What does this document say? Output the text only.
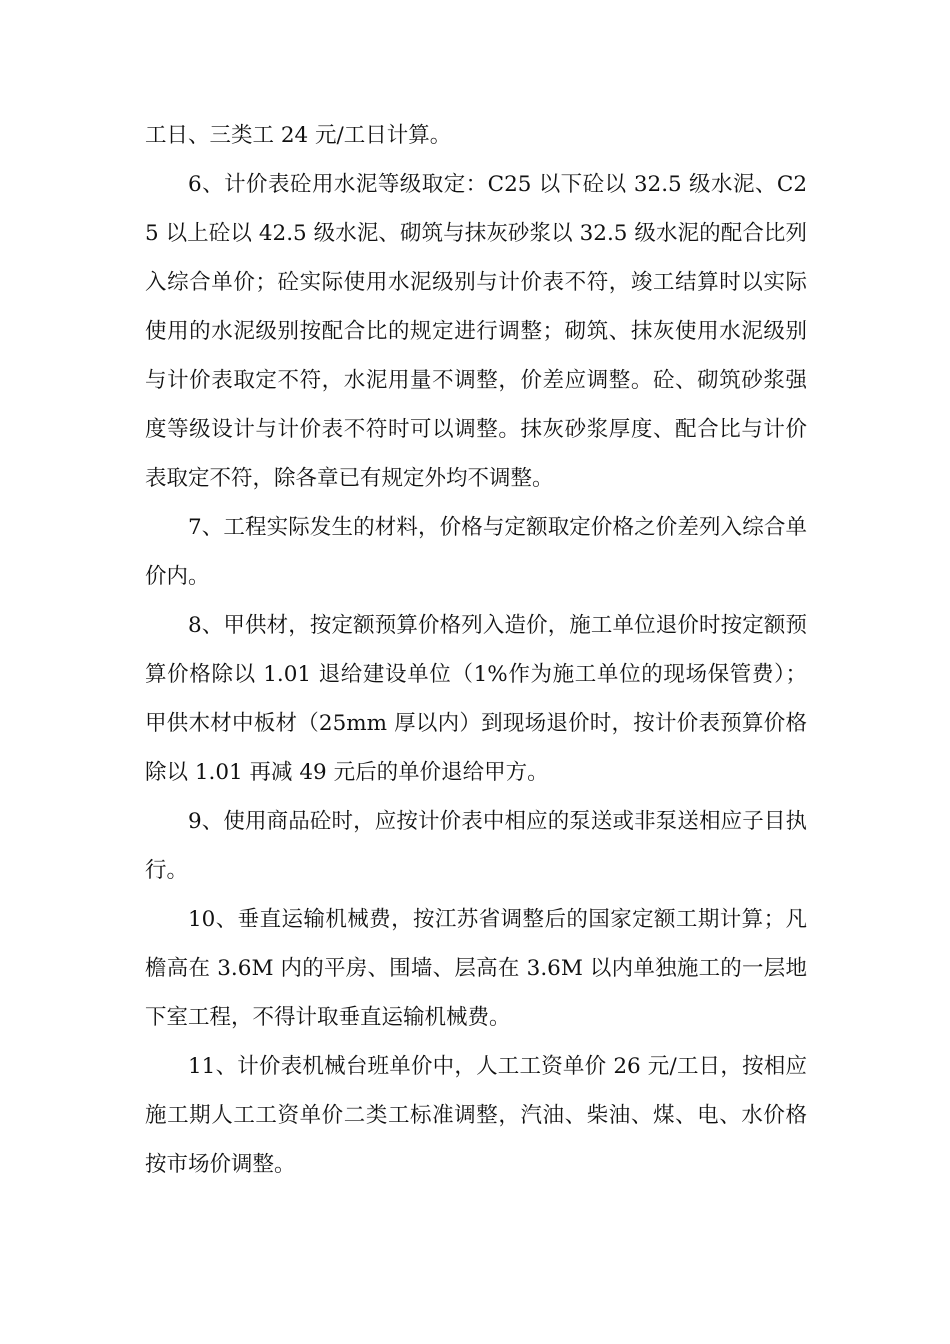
工日、三类工 24 元/工日计算。

6、计价表砼用水泥等级取定：C25 以下砼以 32.5 级水泥、C25 以上砼以 42.5 级水泥、砌筑与抹灰砂浆以 32.5 级水泥的配合比列入综合单价；砼实际使用水泥级别与计价表不符，竣工结算时以实际使用的水泥级别按配合比的规定进行调整；砌筑、抹灰使用水泥级别与计价表取定不符，水泥用量不调整，价差应调整。砼、砌筑砂浆强度等级设计与计价表不符时可以调整。抹灰砂浆厚度、配合比与计价表取定不符，除各章已有规定外均不调整。

7、工程实际发生的材料，价格与定额取定价格之价差列入综合单价内。

8、甲供材，按定额预算价格列入造价，施工单位退价时按定额预算价格除以 1.01 退给建设单位（1%作为施工单位的现场保管费）；甲供木材中板材（25mm 厚以内）到现场退价时，按计价表预算价格除以 1.01 再减 49 元后的单价退给甲方。

9、使用商品砼时，应按计价表中相应的泵送或非泵送相应子目执行。

10、垂直运输机械费，按江苏省调整后的国家定额工期计算；凡檐高在 3.6M 内的平房、围墙、层高在 3.6M 以内单独施工的一层地下室工程，不得计取垂直运输机械费。

11、计价表机械台班单价中，人工工资单价 26 元/工日，按相应施工期人工工资单价二类工标准调整，汽油、柴油、煤、电、水价格按市场价调整。
